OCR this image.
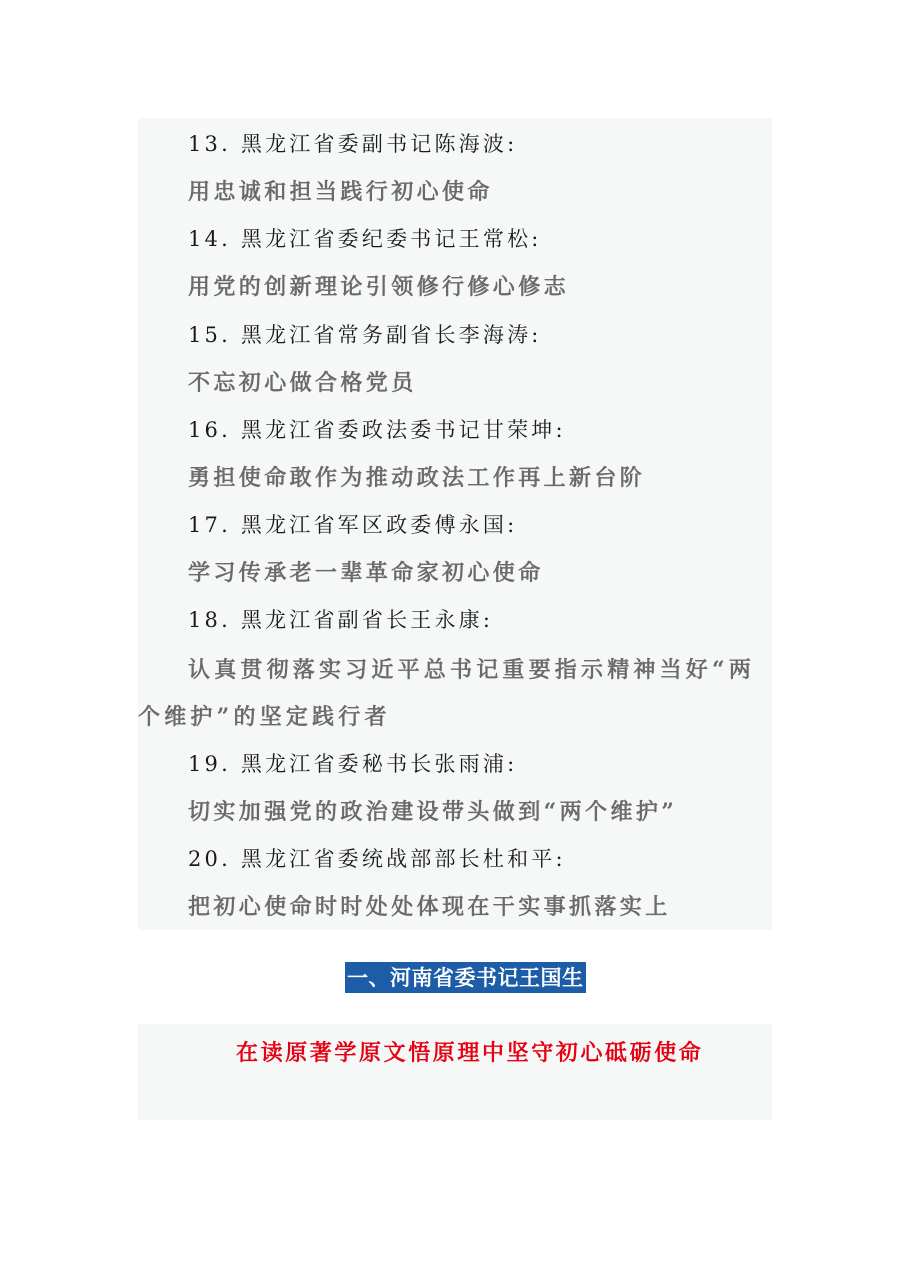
13. 黑龙江省委副书记陈海波:
用忠诚和担当践行初心使命
14. 黑龙江省委纪委书记王常松:
用党的创新理论引领修行修心修志
15. 黑龙江省常务副省长李海涛:
不忘初心做合格党员
16. 黑龙江省委政法委书记甘荣坤:
勇担使命敢作为推动政法工作再上新台阶
17. 黑龙江省军区政委傅永国:
学习传承老一辈革命家初心使命
18. 黑龙江省副省长王永康:
认真贯彻落实习近平总书记重要指示精神当好“两个维护”的坚定践行者
19. 黑龙江省委秘书长张雨浦:
切实加强党的政治建设带头做到“两个维护”
20. 黑龙江省委统战部部长杜和平:
把初心使命时时处处体现在干实事抓落实上
一、河南省委书记王国生
在读原著学原文悟原理中坚守初心砥砺使命
